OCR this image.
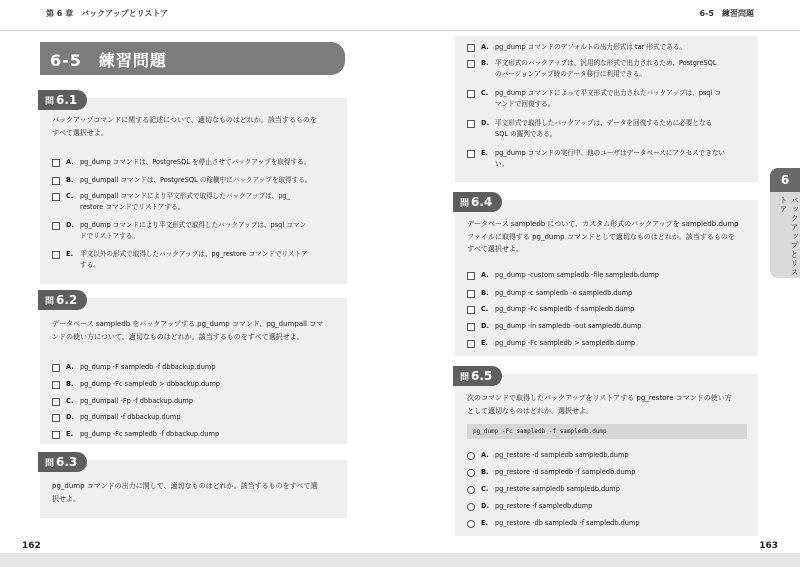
第 6 章　バックアップとリストア	6-5　練習問題
6-5　練習問題
問 6.1
バックアップコマンドに関する記述について、適切なものはどれか。該当するものを
すべて選択せよ。
A. pg_dump コマンドは、PostgreSQL を停止させてバックアップを取得する。
B. pg_dumpall コマンドは、PostgreSQL の稼働中にバックアップを取得する。
C. pg_dumpall コマンドにより平文形式で取得したバックアップは、pg_
restore コマンドでリストアする。
D. pg_dump コマンドにより平文形式で取得したバックアップは、psql コマン
ドでリストアする。
E. 平文以外の形式で取得したバックアップは、pg_restore コマンドでリストア
する。
問 6.2
データベース sampledb をバックアップする pg_dump コマンド、pg_dumpall コマ
ンドの使い方について、適切なものはどれか。該当するものをすべて選択せよ。
A. pg_dump -F sampledb -f dbbackup.dump
B. pg_dump -Fc sampledb > dbbackup.dump
C. pg_dumpall -Fp -f dbbackup.dump
D. pg_dumpall -f dbbackup.dump
E. pg_dump -Fc sampledb -f dbbackup.dump
問 6.3
pg_dump コマンドの出力に関して、適切なものはどれか。該当するものをすべて選
択せよ。
A. pg_dump コマンドのデフォルトの出力形式は tar 形式である。
B. 平文形式のバックアップは、汎用的な形式で出力されるため、PostgreSQL
のバージョンアップ時のデータ移行に利用できる。
C. pg_dump コマンドによって平文形式で出力されたバックアップは、psql コ
マンドで回復する。
D. 平文形式で取得したバックアップは、データを回復するために必要となる
SQL の羅列である。
E. pg_dump コマンドの実行中、他のユーザはデータベースにアクセスできない
い。
問 6.4
データベース sampledb について、カスタム形式のバックアップを sampledb.dump
ファイルに取得する pg_dump コマンドとして適切なものはどれか。該当するものを
すべて選択せよ。
A. pg_dump -custom sampledb -file sampledb.dump
B. pg_dump -c sampledb -o sampledb.dump
C. pg_dump -Fc sampledb -f sampledb.dump
D. pg_dump -in sampledb -out sampledb.dump
E. pg_dump -Fc sampledb > sampledb.dump
問 6.5
次のコマンドで取得したバックアップをリストアする pg_restore コマンドの使い方
として適切なものはどれか。選択せよ。
pg_dump -Fc sampledb -f sampledb.dump
A. pg_restore -d sampledb sampledb.dump
B. pg_restore -d sampledb -f sampledb.dump
C. pg_restore sampledb sampledb.dump
D. pg_restore -f sampledb.dump
E. pg_restore -db sampledb -f sampledb.dump
6
バックアップとリストア
162	163
